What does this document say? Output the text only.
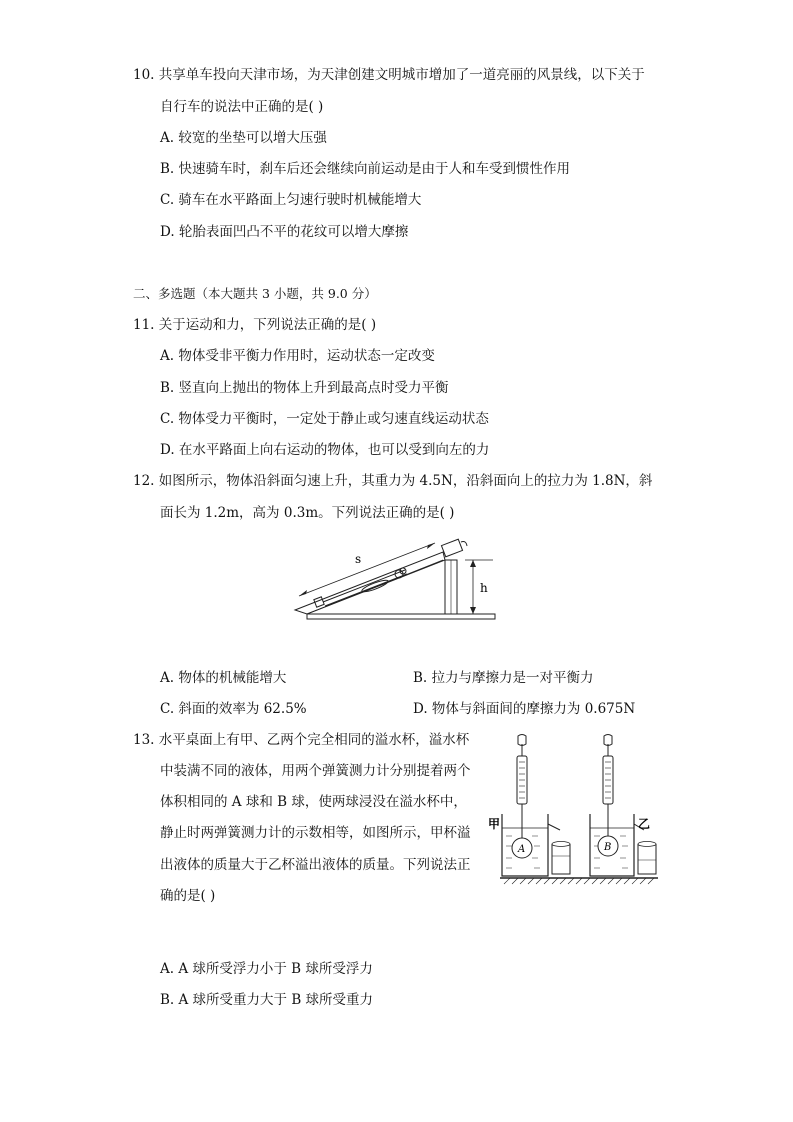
10. 共享单车投向天津市场，为天津创建文明城市增加了一道亮丽的风景线，以下关于
自行车的说法中正确的是( )
A. 较宽的坐垫可以增大压强
B. 快速骑车时，刹车后还会继续向前运动是由于人和车受到惯性作用
C. 骑车在水平路面上匀速行驶时机械能增大
D. 轮胎表面凹凸不平的花纹可以增大摩擦
二、多选题（本大题共 3 小题，共 9.0 分）
11. 关于运动和力，下列说法正确的是( )
A. 物体受非平衡力作用时，运动状态一定改变
B. 竖直向上抛出的物体上升到最高点时受力平衡
C. 物体受力平衡时，一定处于静止或匀速直线运动状态
D. 在水平路面上向右运动的物体，也可以受到向左的力
12. 如图所示，物体沿斜面匀速上升，其重力为 4.5N，沿斜面向上的拉力为 1.8N，斜
面长为 1.2m，高为 0.3m。下列说法正确的是( )
s
h
A. 物体的机械能增大	B. 拉力与摩擦力是一对平衡力
C. 斜面的效率为 62.5%	D. 物体与斜面间的摩擦力为 0.675N
13. 水平桌面上有甲、乙两个完全相同的溢水杯，溢水杯
中装满不同的液体，用两个弹簧测力计分别提着两个
体积相同的 A 球和 B 球，使两球浸没在溢水杯中，
静止时两弹簧测力计的示数相等，如图所示，甲杯溢
出液体的质量大于乙杯溢出液体的质量。下列说法正
确的是( )
A
甲
B
乙
A. A 球所受浮力小于 B 球所受浮力
B. A 球所受重力大于 B 球所受重力
